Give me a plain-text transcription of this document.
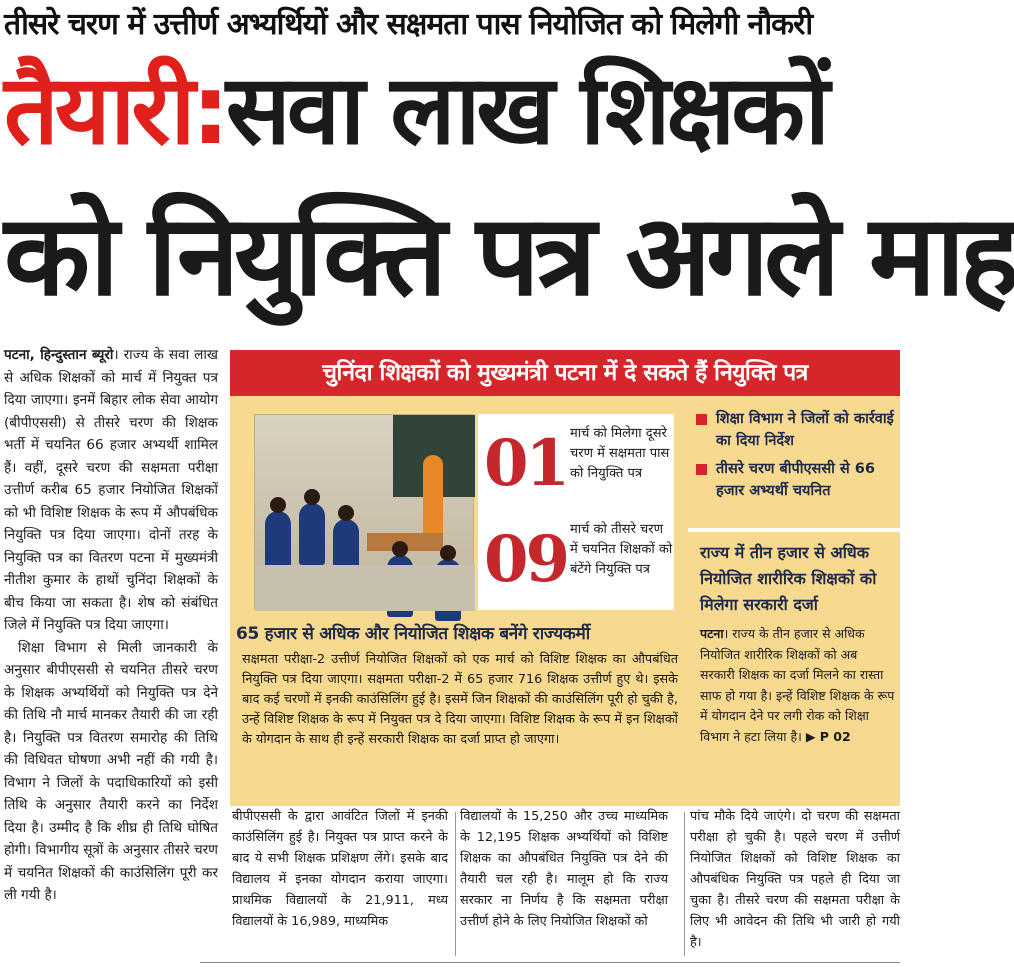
तीसरे चरण में उत्तीर्ण अभ्यर्थियों और सक्षमता पास नियोजित को मिलेगी नौकरी
तैयारी:सवा लाख शिक्षकों
को नियुक्ति पत्र अगले माह

पटना, हिन्दुस्तान ब्यूरो। राज्य के सवा लाख से अधिक शिक्षकों को मार्च में नियुक्त पत्र दिया जाएगा। इनमें बिहार लोक सेवा आयोग (बीपीएससी) से तीसरे चरण की शिक्षक भर्ती में चयनित 66 हजार अभ्यर्थी शामिल हैं। वहीं, दूसरे चरण की सक्षमता परीक्षा उत्तीर्ण करीब 65 हजार नियोजित शिक्षकों को भी विशिष्ट शिक्षक के रूप में औपबंधिक नियुक्ति पत्र दिया जाएगा। दोनों तरह के नियुक्ति पत्र का वितरण पटना में मुख्यमंत्री नीतीश कुमार के हाथों चुनिंदा शिक्षकों के बीच किया जा सकता है। शेष को संबंधित जिले में नियुक्ति पत्र दिया जाएगा।

शिक्षा विभाग से मिली जानकारी के अनुसार बीपीएससी से चयनित तीसरे चरण के शिक्षक अभ्यर्थियों को नियुक्ति पत्र देने की तिथि नौ मार्च मानकर तैयारी की जा रही है। नियुक्ति पत्र वितरण समारोह की तिथि की विधिवत घोषणा अभी नहीं की गयी है। विभाग ने जिलों के पदाधिकारियों को इसी तिथि के अनुसार तैयारी करने का निर्देश दिया है। उम्मीद है कि शीघ्र ही तिथि घोषित होगी। विभागीय सूत्रों के अनुसार तीसरे चरण में चयनित शिक्षकों की काउंसिलिंग पूरी कर ली गयी है।

चुनिंदा शिक्षकों को मुख्यमंत्री पटना में दे सकते हैं नियुक्ति पत्र
01 मार्च को मिलेगा दूसरे चरण में सक्षमता पास को नियुक्ति पत्र
09 मार्च को तीसरे चरण में चयनित शिक्षकों को बंटेंगे नियुक्ति पत्र
शिक्षा विभाग ने जिलों को कार्रवाई का दिया निर्देश
तीसरे चरण बीपीएससी से 66 हजार अभ्यर्थी चयनित
राज्य में तीन हजार से अधिक नियोजित शारीरिक शिक्षकों को मिलेगा सरकारी दर्जा
पटना। राज्य के तीन हजार से अधिक नियोजित शारीरिक शिक्षकों को अब सरकारी शिक्षक का दर्जा मिलने का रास्ता साफ हो गया है। इन्हें विशिष्ट शिक्षक के रूप में योगदान देने पर लगी रोक को शिक्षा विभाग ने हटा लिया है। ▶ P 02
65 हजार से अधिक और नियोजित शिक्षक बनेंगे राज्यकर्मी
सक्षमता परीक्षा-2 उत्तीर्ण नियोजित शिक्षकों को एक मार्च को विशिष्ट शिक्षक का औपबंधित नियुक्ति पत्र दिया जाएगा। सक्षमता परीक्षा-2 में 65 हजार 716 शिक्षक उत्तीर्ण हुए थे। इसके बाद कई चरणों में इनकी काउंसिलिंग हुई है। इसमें जिन शिक्षकों की काउंसिलिंग पूरी हो चुकी है, उन्हें विशिष्ट शिक्षक के रूप में नियुक्त पत्र दे दिया जाएगा। विशिष्ट शिक्षक के रूप में इन शिक्षकों के योगदान के साथ ही इन्हें सरकारी शिक्षक का दर्जा प्राप्त हो जाएगा।
बीपीएससी के द्वारा आवंटित जिलों में इनकी काउंसिलिंग हुई है। नियुक्त पत्र प्राप्त करने के बाद ये सभी शिक्षक प्रशिक्षण लेंगे। इसके बाद विद्यालय में इनका योगदान कराया जाएगा। प्राथमिक विद्यालयों के 21,911, मध्य विद्यालयों के 16,989, माध्यमिक
विद्यालयों के 15,250 और उच्च माध्यमिक के 12,195 शिक्षक अभ्यर्थियों को विशिष्ट शिक्षक का औपबंधित नियुक्ति पत्र देने की तैयारी चल रही है। मालूम हो कि राज्य सरकार ना निर्णय है कि सक्षमता परीक्षा उत्तीर्ण होने के लिए नियोजित शिक्षकों को
पांच मौके दिये जाएंगे। दो चरण की सक्षमता परीक्षा हो चुकी है। पहले चरण में उत्तीर्ण नियोजित शिक्षकों को विशिष्ट शिक्षक का औपबंधिक नियुक्ति पत्र पहले ही दिया जा चुका है। तीसरे चरण की सक्षमता परीक्षा के लिए भी आवेदन की तिथि भी जारी हो गयी है।
